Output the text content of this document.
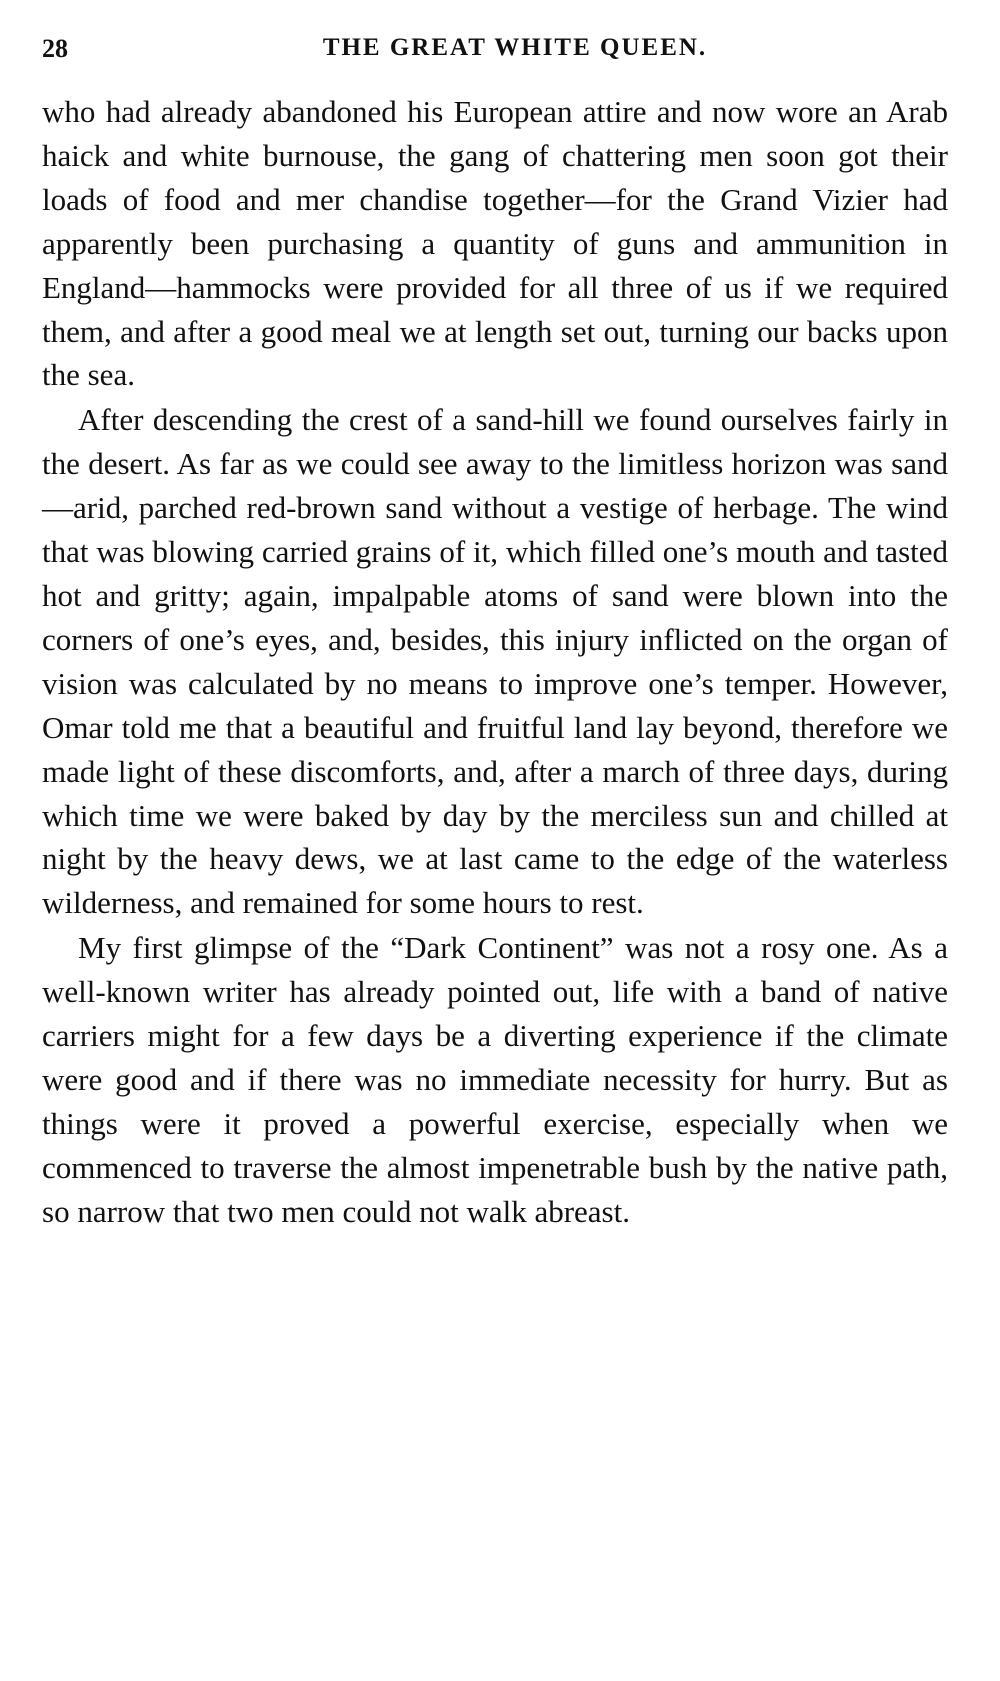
28	THE GREAT WHITE QUEEN.

who had already abandoned his European attire and now wore an Arab haick and white burnouse, the gang of chattering men soon got their loads of food and mer chandise together—for the Grand Vizier had apparently been purchasing a quantity of guns and ammunition in England—hammocks were provided for all three of us if we required them, and after a good meal we at length set out, turning our backs upon the sea.

After descending the crest of a sand-hill we found ourselves fairly in the desert. As far as we could see away to the limitless horizon was sand—arid, parched red-brown sand without a vestige of herbage. The wind that was blowing carried grains of it, which filled one’s mouth and tasted hot and gritty; again, impalpable atoms of sand were blown into the corners of one’s eyes, and, besides, this injury inflicted on the organ of vision was calculated by no means to improve one’s temper. However, Omar told me that a beautiful and fruitful land lay beyond, therefore we made light of these discomforts, and, after a march of three days, during which time we were baked by day by the merciless sun and chilled at night by the heavy dews, we at last came to the edge of the waterless wilderness, and remained for some hours to rest.

My first glimpse of the “Dark Continent” was not a rosy one. As a well-known writer has already pointed out, life with a band of native carriers might for a few days be a diverting experience if the climate were good and if there was no immediate necessity for hurry. But as things were it proved a powerful exercise, especially when we commenced to traverse the almost impenetrable bush by the native path, so narrow that two men could not walk abreast.
